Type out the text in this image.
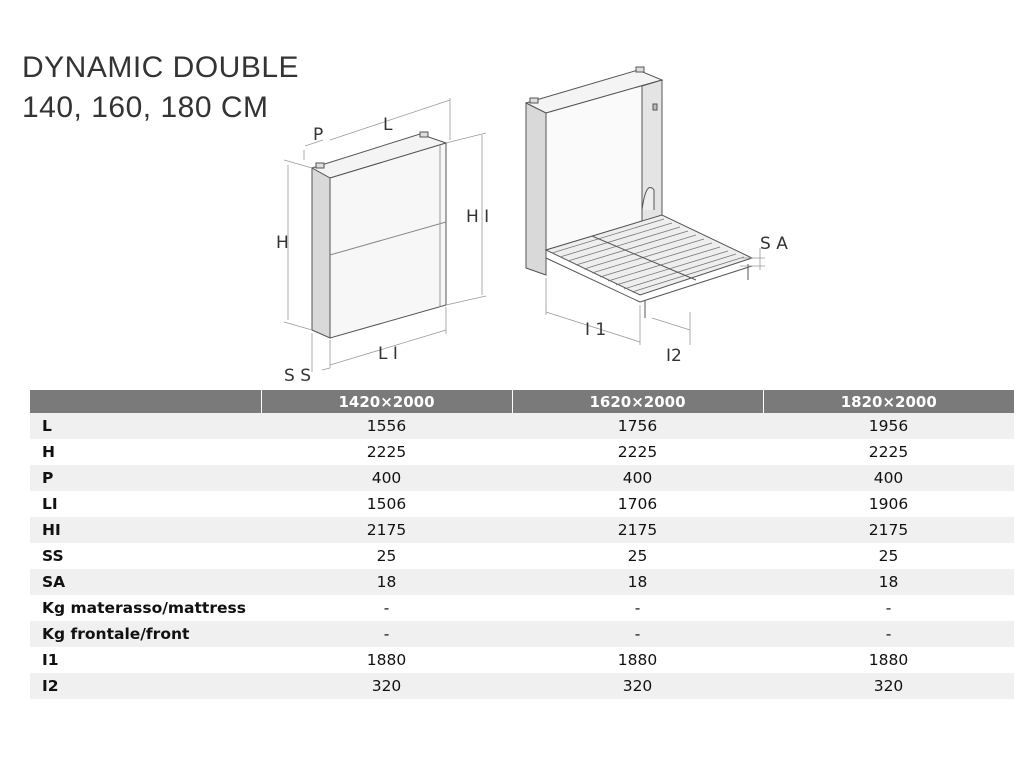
DYNAMIC DOUBLE
140, 160, 180 CM
P	L
H
H I
L I
S S
S A
I 1
I2
	1420×2000	1620×2000	1820×2000
L	1556	1756	1956
H	2225	2225	2225
P	400	400	400
LI	1506	1706	1906
HI	2175	2175	2175
SS	25	25	25
SA	18	18	18
Kg materasso/mattress	-	-	-
Kg frontale/front	-	-	-
I1	1880	1880	1880
I2	320	320	320
